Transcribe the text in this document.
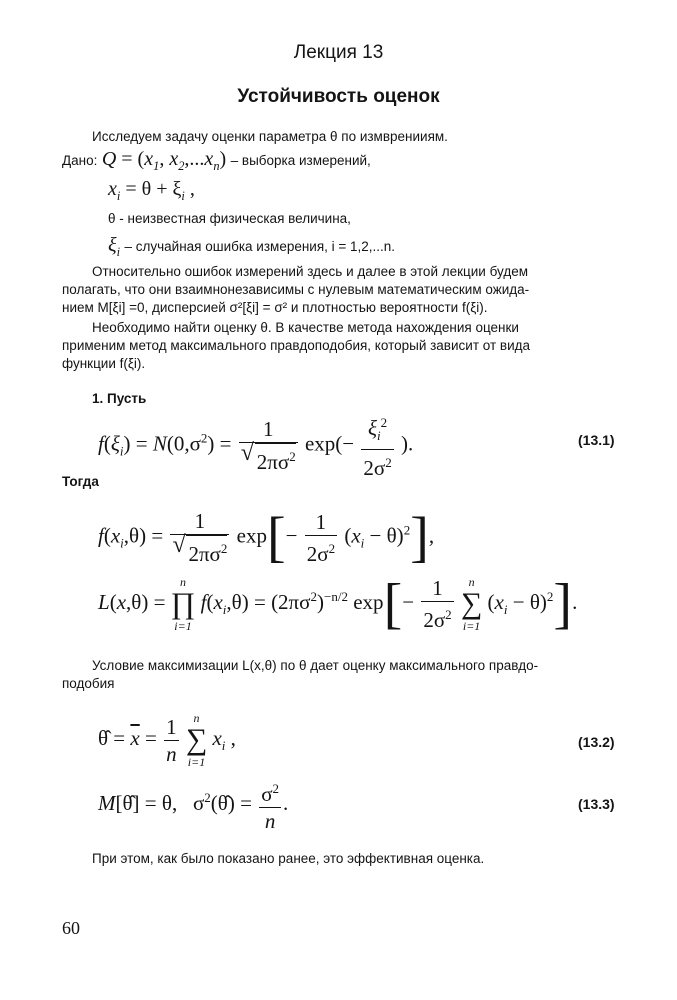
Лекция 13
Устойчивость оценок
Исследуем задачу оценки параметра θ по измвренииям.
Дано: $Q = (x_1$, $x_2,...x_n$) – выборка измерений,
$x_i = \theta + \xi_i$ ,
θ - неизвестная физическая величина,
$\xi_i$ – случайная ошибка измерения, i = 1,2,...n.
Относительно ошибок измерений здесь и далее в этой лекции будем
полагать, что они взаимнонезависимы с нулевым математическим ожида-
нием M[ξi] =0, дисперсией σ²[ξi] = σ² и плотностью вероятности f(ξi).
Необходимо найти оценку θ. В качестве метода нахождения оценки
применим метод максимального правдоподобия, который зависит от вида
функции f(ξi).
1. Пусть
$f(\xi_i) = N(0,\sigma^2) = 1$
√ $2\pi\sigma^2$ $\exp(- \frac{\xi_i^2}{2\sigma^2}$ ).	(13.1)
Тогда
$f(x_i,\theta) = 1$
√ $2\pi\sigma^2$ $\exp[- \frac{1}{2\sigma^2} (x_i - \theta)^2]$,
L(x,θ) =
n
∏
i=1
$f(x_i,\theta) = (2\pi\sigma^2)^{-n/2}$ $\exp[- \frac{1}{2\sigma^2}$
	n
∑
i=1
$(x_i - \theta)^2$].
Условие максимизации L(x,θ) по θ дает оценку максимального правдо-
подобия
θ̂ = $\overline{x} = \frac{1}{n}$
	n
∑
i=1
$x_i$ ,	(13.2)
M[θ̂] = θ,   $\sigma^2(\thetâ) = \frac{\sigma^2}{n}$ .	(13.3)
При этом, как было показано ранее, это эффективная оценка.
60
